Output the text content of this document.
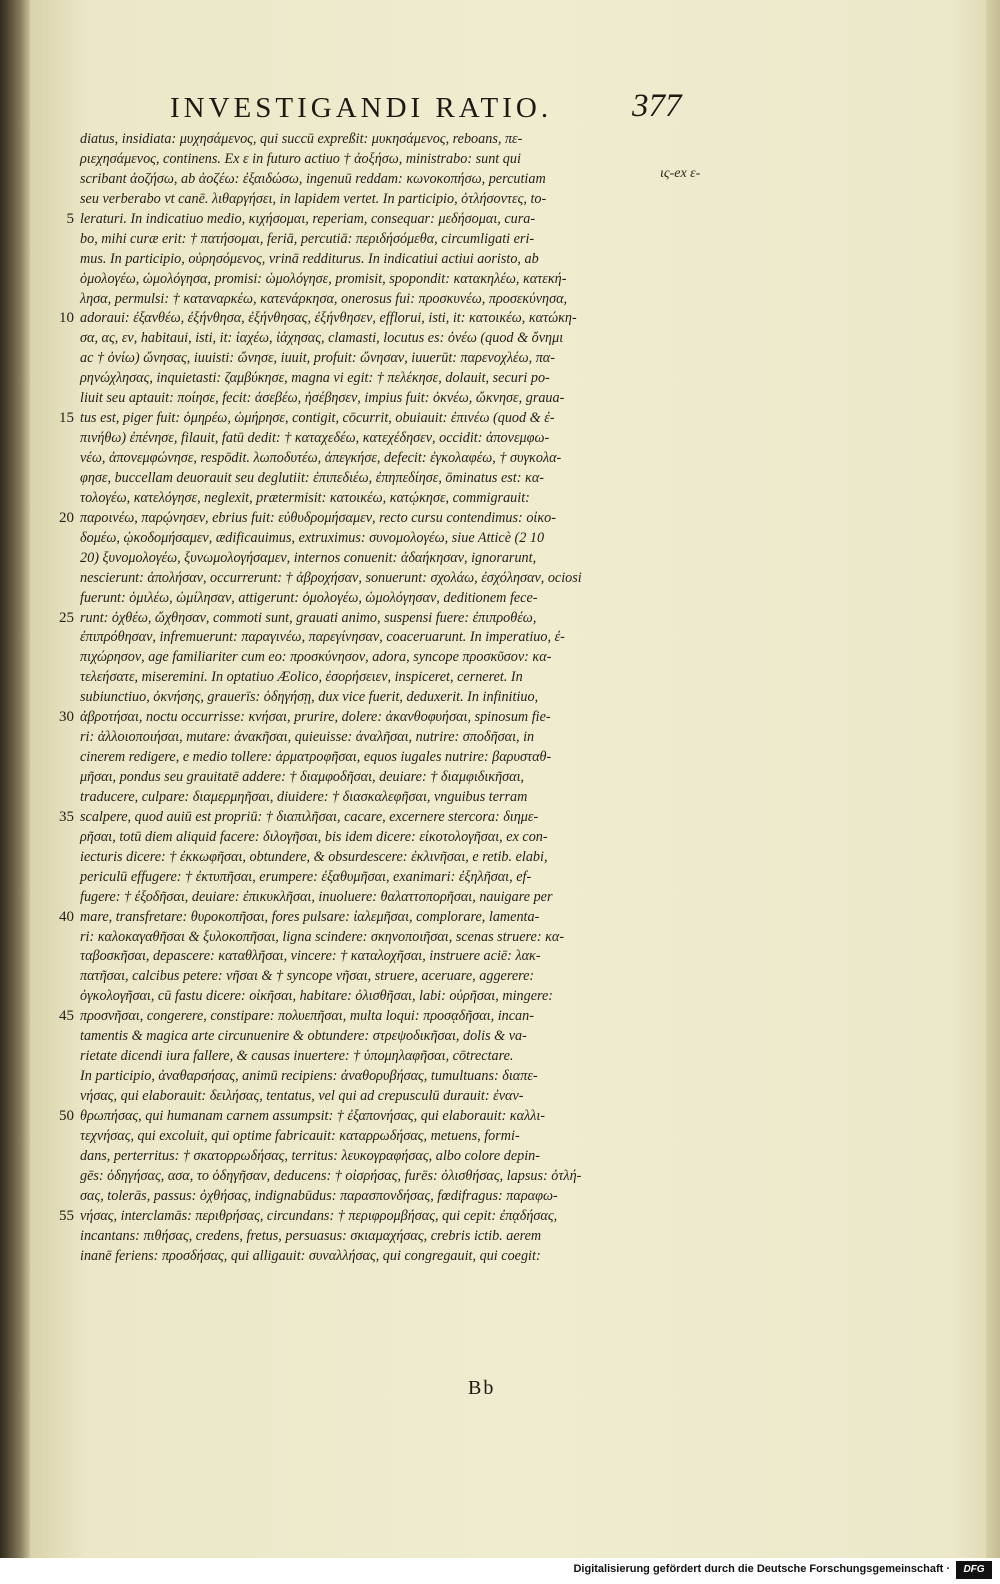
INVESTIGANDI RATIO.	377
ις-ex ε-
diatus, insidiata: μυχησάμενος, qui succū expreßit: μυκησάμενος, reboans, πε-
ριεχησάμενος, continens. Ex ε in futuro actiuo † ἀοξήσω, ministrabo: sunt qui
scribant ἀοζήσω, ab ἀοζέω: ἐξαιδώσω, ingenuū reddam: κωνοκοπήσω, percutiam
seu verberabo vt canē. λιθαργήσει, in lapidem vertet. In participio, ὀτλήσοντες, to-
5 leraturi. In indicatiuo medio, κιχήσομαι, reperiam, consequar: μεδήσομαι, cura-
bo, mihi curæ erit: † πατήσομαι, feriā, percutiā: περιδήσόμεθα, circumligati eri-
mus. In participio, οὐρησόμενος, vrinā redditurus. In indicatiui actiui aoristo, ab
ὁμολογέω, ὡμολόγησα, promisi: ὡμολόγησε, promisit, spopondit: κατακηλέω, κατεκή-
λησα, permulsi: † καταναρκέω, κατενάρκησα, onerosus fui: προσκυνέω, προσεκύνησα,
10 adoraui: ἐξανθέω, ἐξήνθησα, ἐξήνθησας, ἐξήνθησεν, efflorui, isti, it: κατοικέω, κατώκη-
σα, ας, εν, habitaui, isti, it: ἰαχέω, ἰάχησας, clamasti, locutus es: ὀνέω (quod & ὄνημι
ac † ὀνίω) ὤνησας, iuuisti: ὤνησε, iuuit, profuit: ὤνησαν, iuuerūt: παρενοχλέω, πα-
ρηνώχλησας, inquietasti: ζαμβύκησε, magna vi egit: † πελέκησε, dolauit, securi po-
liuit seu aptauit: ποίησε, fecit: ἀσεβέω, ἠσέβησεν, impius fuit: ὀκνέω, ὤκνησε, grauа-
15 tus est, piger fuit: ὁμηρέω, ὡμήρησε, contigit, cōcurrit, obuiauit: ἐπινέω (quod & ἐ-
πινήθω) ἐπένησε, filauit, fatū dedit: † καταχεδέω, κατεχέδησεν, occidit: ἀπονεμφω-
νέω, ἀπονεμφώνησε, respōdit. λωποδυτέω, ἀπεγκήσε, defecit: ἐγκολαφέω, † συγκολα-
φησε, buccellam deuorauit seu deglutiit: ἐπιπεδιέω, ἐπηπεδίησε, ōminatus est: κα-
τολογέω, κατελόγησε, neglexit, prætermisit: κατοικέω, κατῴκησε, commigrauit:
20 παροινέω, παρῴνησεν, ebrius fuit: εὐθυδρομήσαμεν, recto cursu contendimus: οἰκο-
δομέω, ᾠκοδομήσαμεν, ædificauimus, extruximus: συνομολογέω, siue Atticè (2 10
20) ξυνομολογέω, ξυνωμολογήσαμεν, internos conuenit: ἀδαήκησαν, ignorarunt,
nescierunt: ἀπολήσαν, occurrerunt: † ἀβροχήσαν, sonuerunt: σχολάω, ἐσχόλησαν, ociosi
fuerunt: ὁμιλέω, ὡμίλησαν, attigerunt: ὁμολογέω, ὡμολόγησαν, deditionem fece-
25 runt: ὀχθέω, ὤχθησαν, commoti sunt, grauati animo, suspensi fuere: ἐπιπροθέω,
ἐπιπρόθησαν, infremuerunt: παραγινέω, παρεγίνησαν, coaceruarunt. In imperatiuo, ἐ-
πιχώρησον, age familiariter cum eo: προσκύνησον, adora, syncope προσκῦσον: κα-
τελεήσατε, miseremini. In optatiuo Æolico, ἐσορήσειεν, inspiceret, cerneret. In
subiunctiuo, ὀκνήσης, grauerīs: ὁδηγήσῃ, dux vice fuerit, deduxerit. In infinitiuo,
30 ἀβροτήσαι, noctu occurrisse: κνήσαι, prurire, dolere: ἀκανθοφυήσαι, spinosum fie-
ri: ἀλλοιοποιήσαι, mutare: ἀνακῆσαι, quieuisse: ἀναλῆσαι, nutrire: σποδῆσαι, in
cinerem redigere, e medio tollere: ἀρματροφῆσαι, equos iugales nutrire: βαρυσταθ-
μῆσαι, pondus seu grauitatē addere: † διαμφοδῆσαι, deuiare: † διαμφιδικῆσαι,
traducere, culpare: διαμερμηῆσαι, diuidere: † διασκαλεφῆσαι, vnguibus terram
35 scalpere, quod auiū est propriū: † διαπιλῆσαι, cacare, excernere stercora: διημε-
ρῆσαι, totū diem aliquid facere: διλογῆσαι, bis idem dicere: εἰκοτολογῆσαι, ex con-
iecturis dicere: † ἐκκωφῆσαι, obtundere, & obsurdescere: ἐκλινῆσαι, e retib. elabi,
periculū effugere: † ἐκτυπῆσαι, erumpere: ἐξαθυμῆσαι, exanimari: ἐξηλῆσαι, ef-
fugere: † ἐξοδῆσαι, deuiare: ἐπικυκλῆσαι, inuoluere: θαλαττοπορῆσαι, nauigare per
40 mare, transfretare: θυροκοπῆσαι, fores pulsare: ἰαλεμῆσαι, complorare, lamenta-
ri: καλοκαγαθῆσαι & ξυλοκοπῆσαι, ligna scindere: σκηνοποιῆσαι, scenas struere: κα-
ταβοσκῆσαι, depascere: καταθλῆσαι, vincere: † καταλοχῆσαι, instruere aciē: λακ-
πατῆσαι, calcibus petere: νῆσαι & † syncope νῆσαι, struere, aceruare, aggerere:
ὀγκολογῆσαι, cū fastu dicere: οἰκῆσαι, habitare: ὀλισθῆσαι, labi: οὐρῆσαι, mingere:
45 προσνῆσαι, congerere, constipare: πολυεπῆσαι, multa loqui: προσᾳδῆσαι, incan-
tamentis & magica arte circunuenire & obtundere: στρεψοδικῆσαι, dolis & va-
rietate dicendi iura fallere, & causas inuertere: † ὑπομηλαφῆσαι, cōtrectare.
In participio, ἀναθαρσήσας, animū recipiens: ἀναθορυβήσας, tumultuans: διαπε-
νήσας, qui elaborauit: δειλήσας, tentatus, vel qui ad crepusculū durauit: ἐναν-
50 θρωπήσας, qui humanam carnem assumpsit: † ἐξαπονήσας, qui elaborauit: καλλι-
τεχνήσας, qui excoluit, qui optime fabricauit: καταρρωδήσας, metuens, formi-
dans, perterritus: † σκατορρωδήσας, territus: λευκογραφήσας, albo colore depin-
gēs: ὁδηγήσας, ασα, το ὁδηγῆσαν, deducens: † οἰσρήσας, furēs: ὀλισθήσας, lapsus: ὀτλή-
σας, tolerās, passus: ὀχθήσας, indignabūdus: παρασπονδήσας, fœdifragus: παραφω-
55 νήσας, interclamās: περιθρήσας, circundans: † περιφρομβήσας, qui cepit: ἐπᾳδήσας,
incantans: πιθήσας, credens, fretus, persuasus: σκιαμαχήσας, crebris ictib. aerem
inanē feriens: προσδήσας, qui alligauit: συναλλήσας, qui congregauit, qui coegit:
Bb
Digitalisierung gefördert durch die Deutsche Forschungsgemeinschaft ·	DFG
